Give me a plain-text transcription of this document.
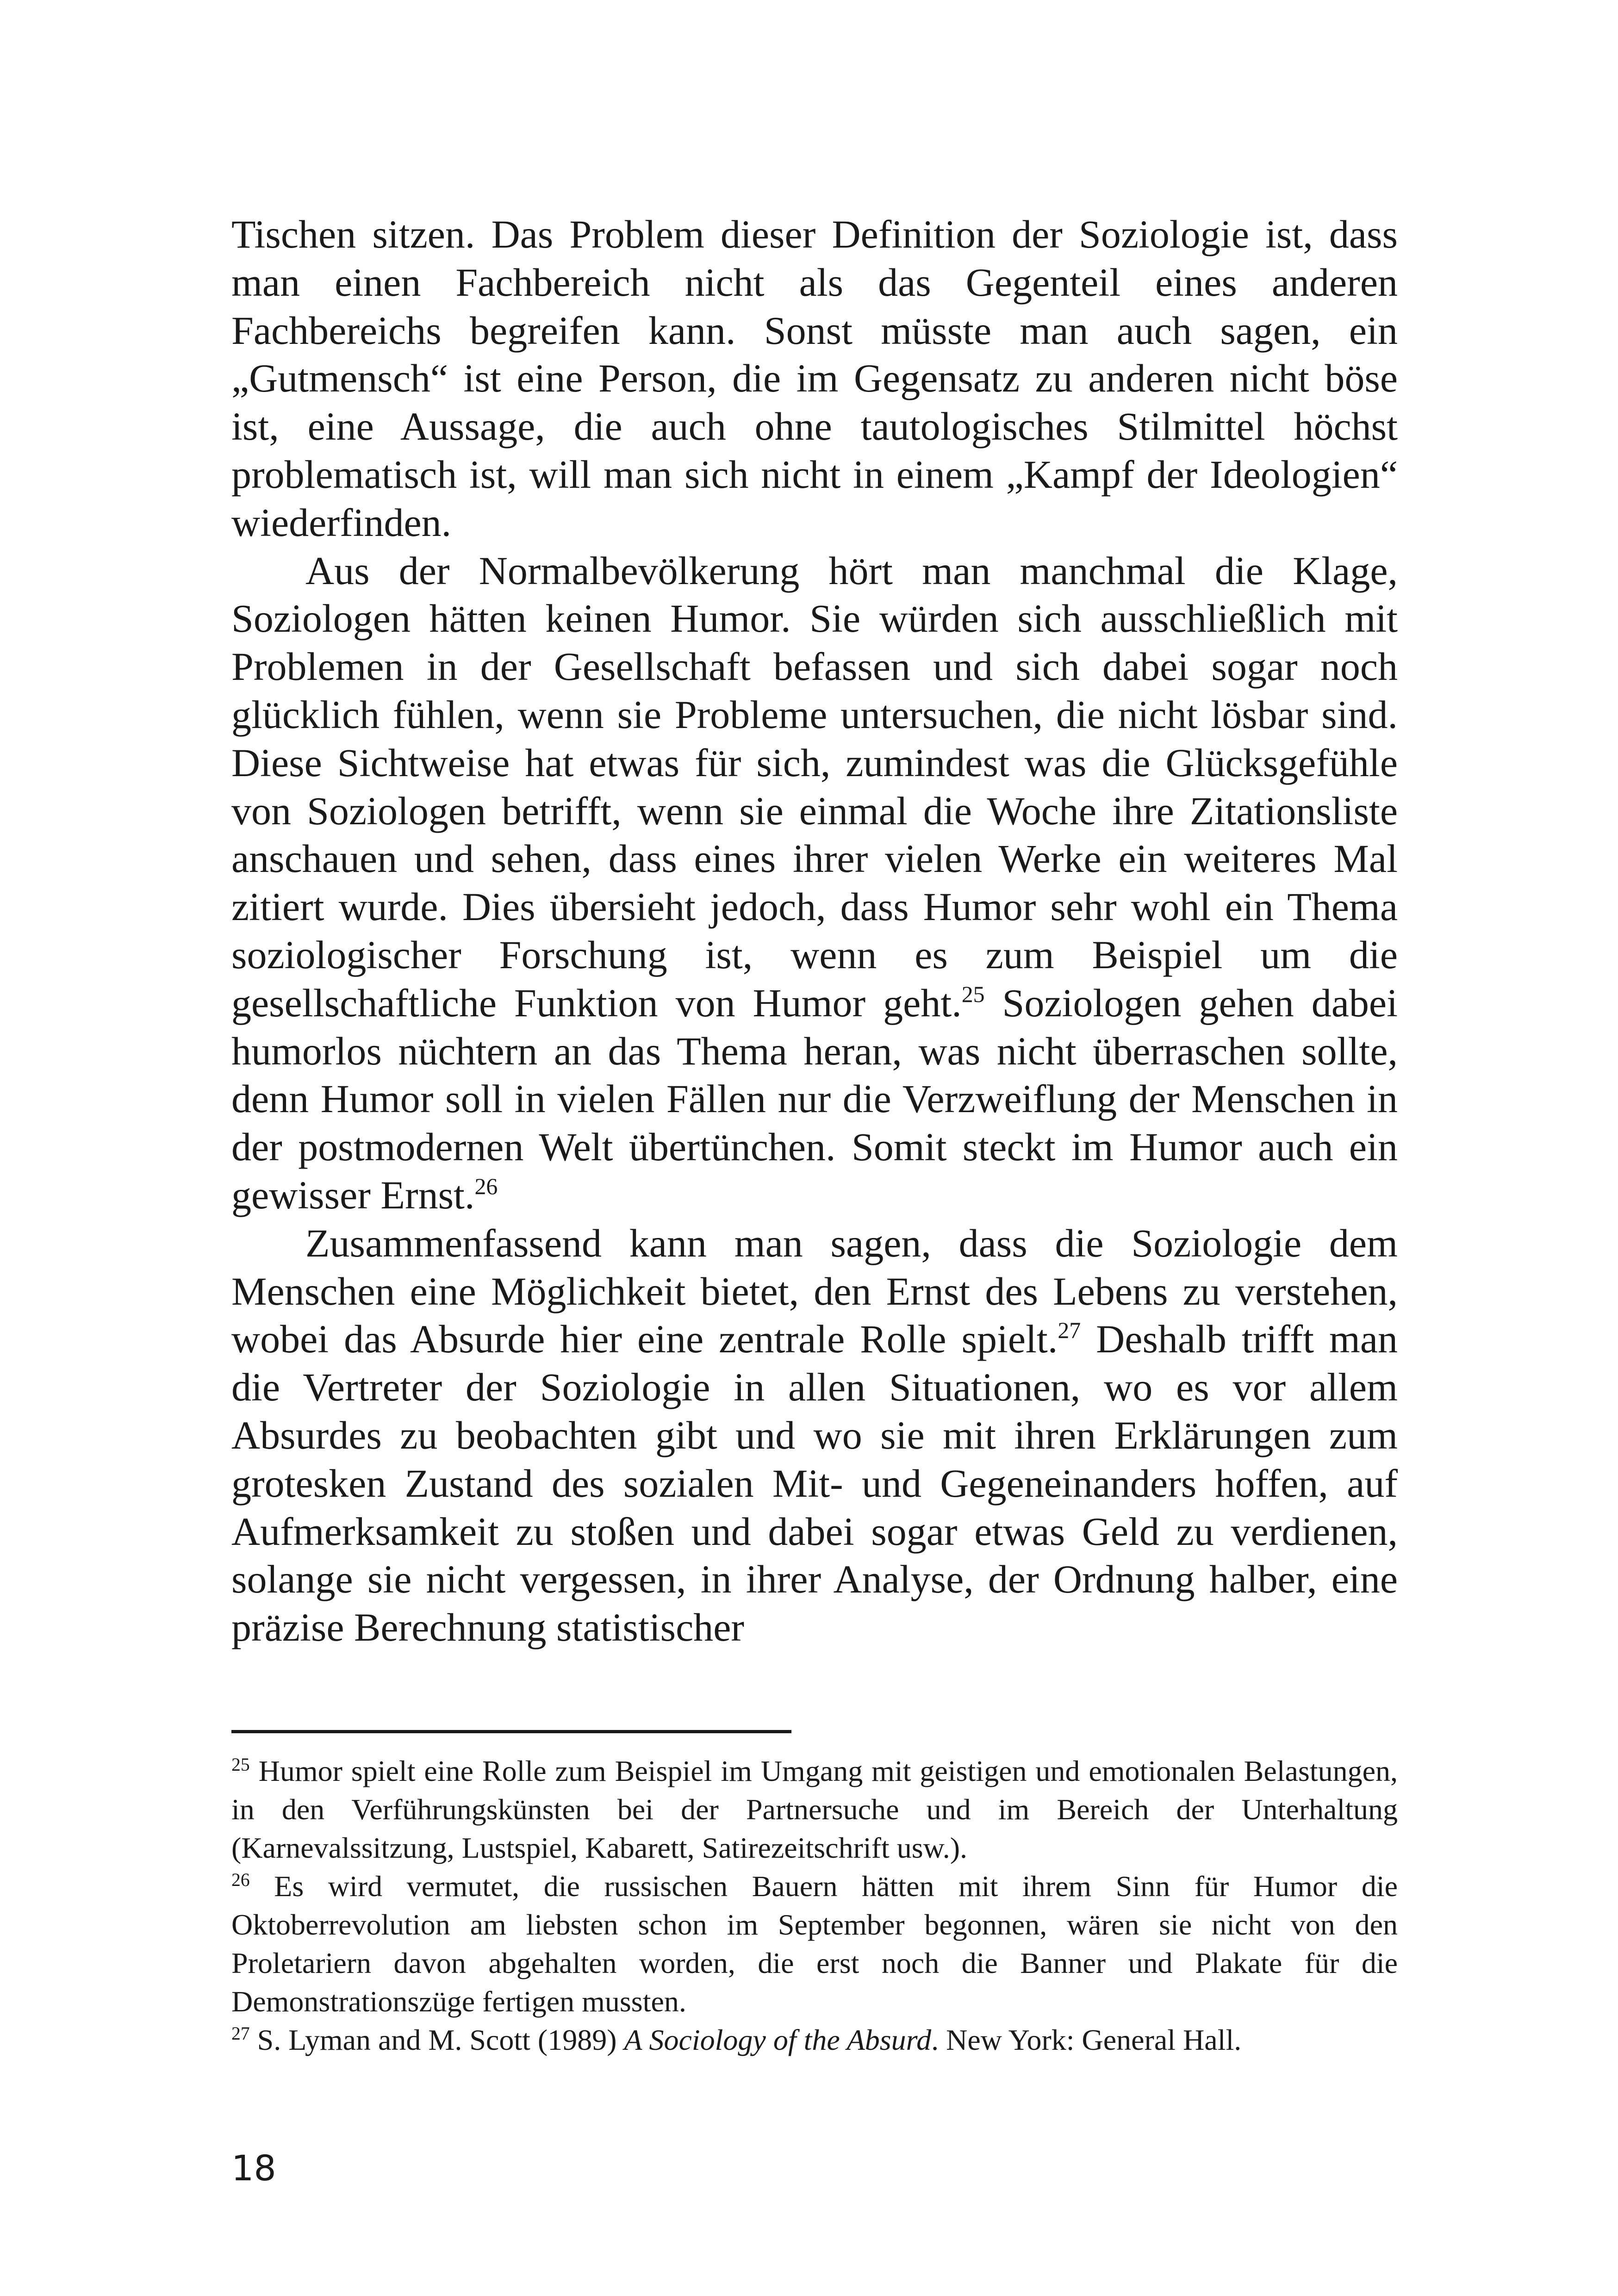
Tischen sitzen. Das Problem dieser Definition der Soziologie ist, dass man einen Fachbereich nicht als das Gegenteil eines anderen Fachbereichs begreifen kann. Sonst müsste man auch sagen, ein „Gutmensch“ ist eine Person, die im Gegensatz zu anderen nicht böse ist, eine Aussage, die auch ohne tautologisches Stilmittel höchst problematisch ist, will man sich nicht in einem „Kampf der Ideologien“ wiederfinden.

Aus der Normalbevölkerung hört man manchmal die Klage, Soziologen hätten keinen Humor. Sie würden sich ausschließlich mit Problemen in der Gesellschaft befassen und sich dabei sogar noch glücklich fühlen, wenn sie Probleme untersuchen, die nicht lösbar sind. Diese Sichtweise hat etwas für sich, zumindest was die Glücksgefühle von Soziologen betrifft, wenn sie einmal die Woche ihre Zitationsliste anschauen und sehen, dass eines ihrer vielen Werke ein weiteres Mal zitiert wurde. Dies übersieht jedoch, dass Humor sehr wohl ein Thema soziologischer Forschung ist, wenn es zum Beispiel um die gesellschaftliche Funktion von Humor geht.$^{25}$ Soziologen gehen dabei humorlos nüchtern an das Thema heran, was nicht überraschen sollte, denn Humor soll in vielen Fällen nur die Verzweiflung der Menschen in der postmodernen Welt übertünchen. Somit steckt im Humor auch ein gewisser Ernst.$^{26}$

Zusammenfassend kann man sagen, dass die Soziologie dem Menschen eine Möglichkeit bietet, den Ernst des Lebens zu verstehen, wobei das Absurde hier eine zentrale Rolle spielt.$^{27}$ Deshalb trifft man die Vertreter der Soziologie in allen Situationen, wo es vor allem Absurdes zu beobachten gibt und wo sie mit ihren Erklärungen zum grotesken Zustand des sozialen Mit- und Gegeneinanders hoffen, auf Aufmerksamkeit zu stoßen und dabei sogar etwas Geld zu verdienen, solange sie nicht vergessen, in ihrer Analyse, der Ordnung halber, eine präzise Berechnung statistischer

$^{25}$ Humor spielt eine Rolle zum Beispiel im Umgang mit geistigen und emotionalen Belastungen, in den Verführungskünsten bei der Partnersuche und im Bereich der Unterhaltung (Karnevalssitzung, Lustspiel, Kabarett, Satirezeitschrift usw.).

$^{26}$ Es wird vermutet, die russischen Bauern hätten mit ihrem Sinn für Humor die Oktoberrevolution am liebsten schon im September begonnen, wären sie nicht von den Proletariern davon abgehalten worden, die erst noch die Banner und Plakate für die Demonstrationszüge fertigen mussten.

$^{27}$ S. Lyman and M. Scott (1989) A Sociology of the Absurd. New York: General Hall.

18
